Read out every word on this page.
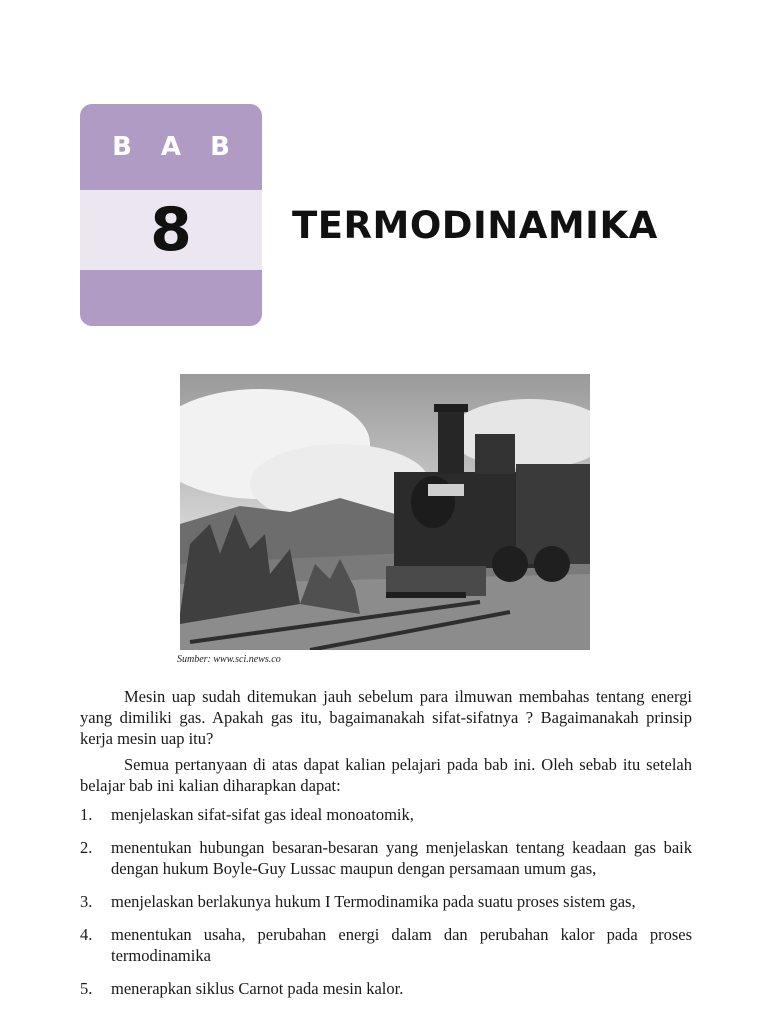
B A B
8	TERMODINAMIKA
Sumber: www.sci.news.co

Mesin uap sudah ditemukan jauh sebelum para ilmuwan membahas tentang energi yang dimiliki gas. Apakah gas itu, bagaimanakah sifat-sifatnya ? Bagaimanakah prinsip kerja mesin uap itu?

Semua pertanyaan di atas dapat kalian pelajari pada bab ini. Oleh sebab itu setelah belajar bab ini kalian diharapkan dapat:

1. menjelaskan sifat-sifat gas ideal monoatomik,
2. menentukan hubungan besaran-besaran yang menjelaskan tentang keadaan gas baik dengan hukum Boyle-Guy Lussac maupun dengan persamaan umum gas,
3. menjelaskan berlakunya hukum I Termodinamika pada suatu proses sistem gas,
4. menentukan usaha, perubahan energi dalam dan perubahan kalor pada proses termodinamika
5. menerapkan siklus Carnot pada mesin kalor.
